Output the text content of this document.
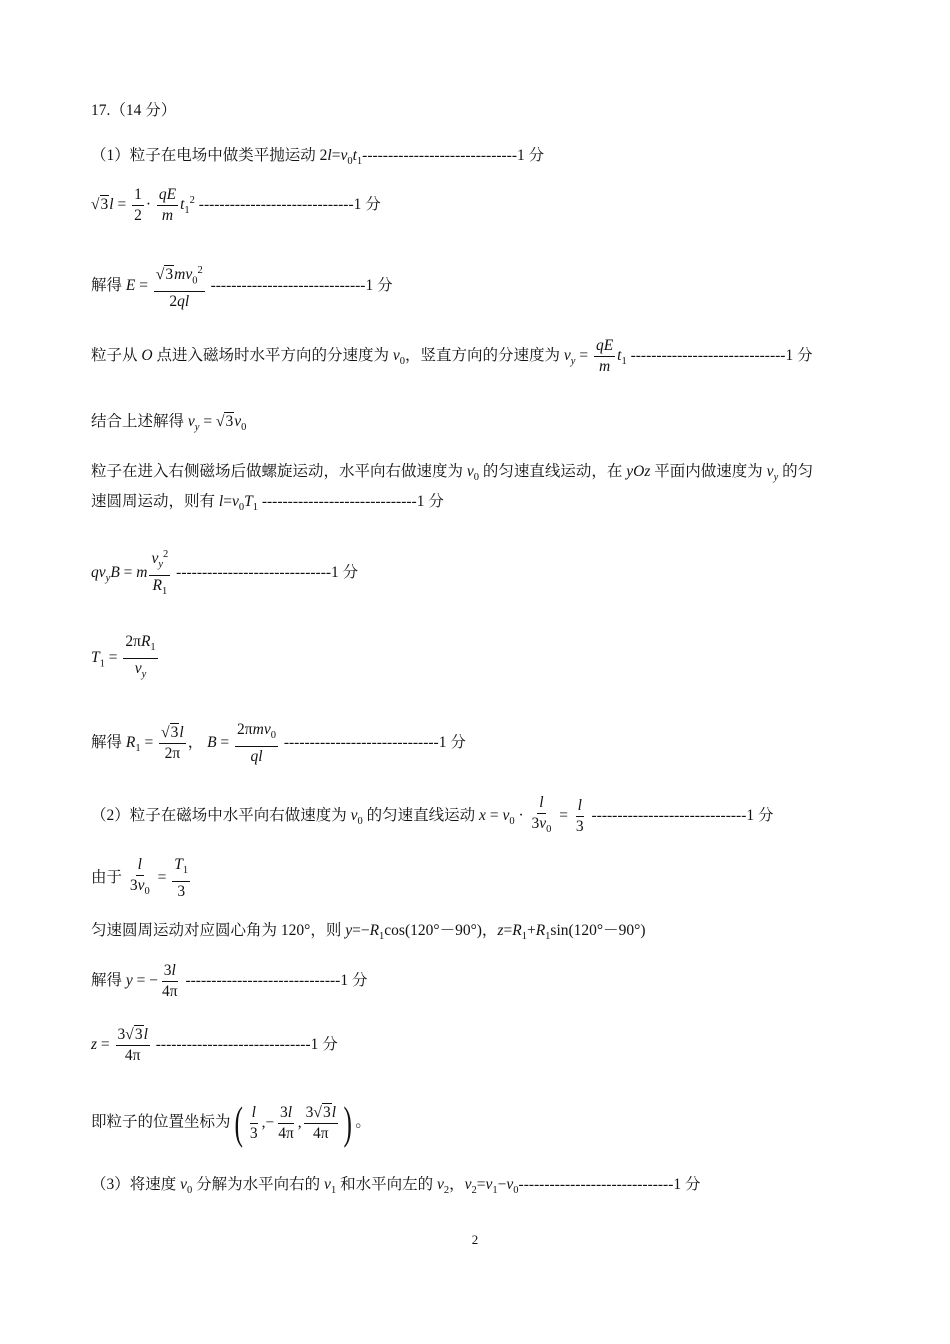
17.（14 分）
（1）粒子在电场中做类平抛运动 $2l=v_0t_1------------------------------1$ 分
$√3l = \frac{1}{2} \cdot \frac{qE}{m} t_1^2$ ------------------------------1 分
解得 $E = \frac{√3mv_0^2}{2ql} ------------------------------1$ 分
粒子从 O 点进入磁场时水平方向的分速度为 $v_0$，竖直方向的分速度为 $v_y = \frac{qE}{m} t_1$ ------------------------------1 分
结合上述解得 $v_y = √3v_0$
粒子在进入右侧磁场后做螺旋运动，水平向右做速度为 $v_0$ 的匀速直线运动，在 yOz 平面内做速度为 $v_y$ 的匀
速圆周运动，则有 $l=v_0T_1$ ------------------------------1 分
$qv_yB = m \frac{v_y^2}{R_1} ------------------------------1$ 分
$T_1 = \frac{2\pi R_1}{v_y}$
解得 $R_1 = \frac{√3l}{2\pi}$ ， $B = \frac{2\pi mv_0}{ql} ------------------------------1$ 分
（2）粒子在磁场中水平向右做速度为 $v_0$ 的匀速直线运动 $x = v_0 \cdot \frac{l}{3v_0} = \frac{l}{3} ------------------------------1$ 分
由于 $\frac{l}{3v_0} = \frac{T_1}{3}$
匀速圆周运动对应圆心角为 120°，则 $y=-R_1\cos(120^\circ-90^\circ)$，$z=R_1+R_1\sin(120^\circ-90^\circ)$
解得 y = − $\frac{3l}{4\pi} ------------------------------1$ 分
$z = \frac{3√3l}{4\pi} ------------------------------1$ 分
即粒子的位置坐标为 ( $\frac{l}{3}$ ,− $\frac{3l}{4\pi}$ , $\frac{3√3l}{4\pi}$ ) 。
（3）将速度 $v_0$ 分解为水平向右的 $v_1$ 和水平向左的 $v_2$，$v_2=v_1-v_0------------------------------1$ 分
2
